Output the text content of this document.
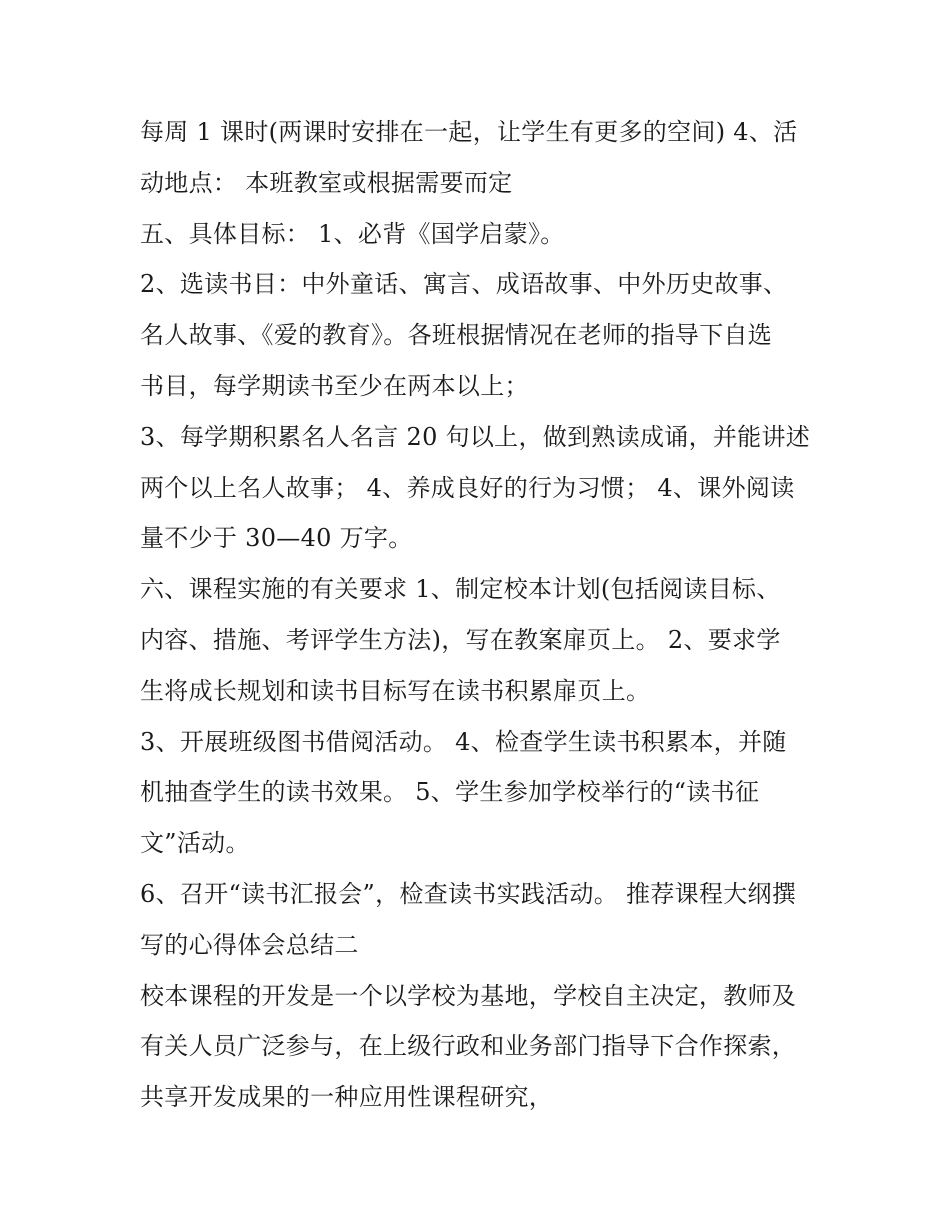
每周 1 课时(两课时安排在一起，让学生有更多的空间) 4、活
动地点： 本班教室或根据需要而定
五、具体目标： 1、必背《国学启蒙》。
2、选读书目：中外童话、寓言、成语故事、中外历史故事、
名人故事、《爱的教育》。各班根据情况在老师的指导下自选
书目，每学期读书至少在两本以上；
3、每学期积累名人名言 20 句以上，做到熟读成诵，并能讲述
两个以上名人故事； 4、养成良好的行为习惯； 4、课外阅读
量不少于 30—40 万字。
六、课程实施的有关要求 1、制定校本计划(包括阅读目标、
内容、措施、考评学生方法)，写在教案扉页上。 2、要求学
生将成长规划和读书目标写在读书积累扉页上。
3、开展班级图书借阅活动。 4、检查学生读书积累本，并随
机抽查学生的读书效果。 5、学生参加学校举行的“读书征
文”活动。
6、召开“读书汇报会”，检查读书实践活动。 推荐课程大纲撰
写的心得体会总结二
校本课程的开发是一个以学校为基地，学校自主决定，教师及
有关人员广泛参与，在上级行政和业务部门指导下合作探索，
共享开发成果的一种应用性课程研究，
